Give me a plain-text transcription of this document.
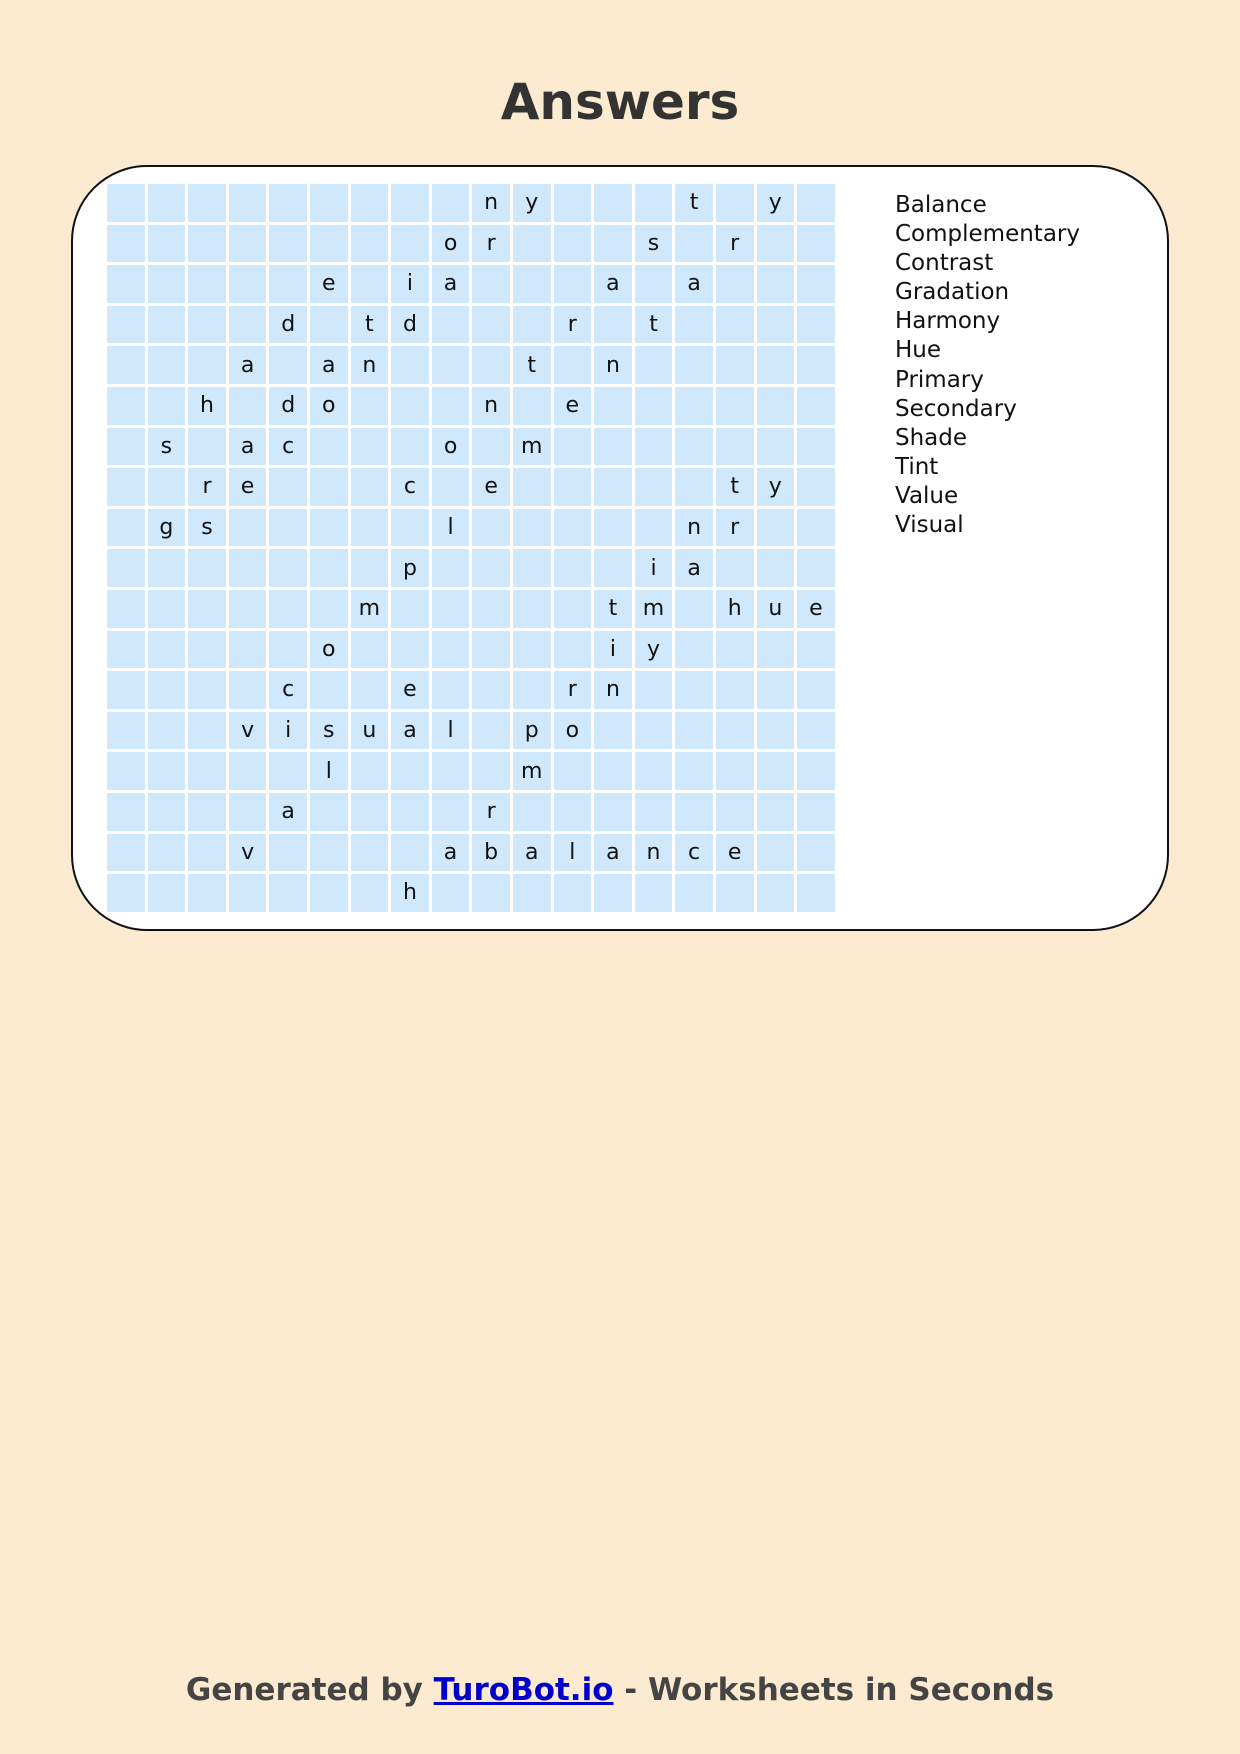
Answers
n	y	t	y
o	r	s	r
e	i	a	a	a
d	t	d	r	t
a	a	n	t	n
h	d	o	n	e
s	a	c	o	m
r	e	c	e	t	y
g	s	l	n	r
p	i	a
m	t	m	h	u	e
o	i	y
c	e	r	n
v	i	s	u	a	l	p	o
l	m
a	r
v	a	b	a	l	a	n	c	e
h
Balance
Complementary
Contrast
Gradation
Harmony
Hue
Primary
Secondary
Shade
Tint
Value
Visual
Generated by TuroBot.io - Worksheets in Seconds
